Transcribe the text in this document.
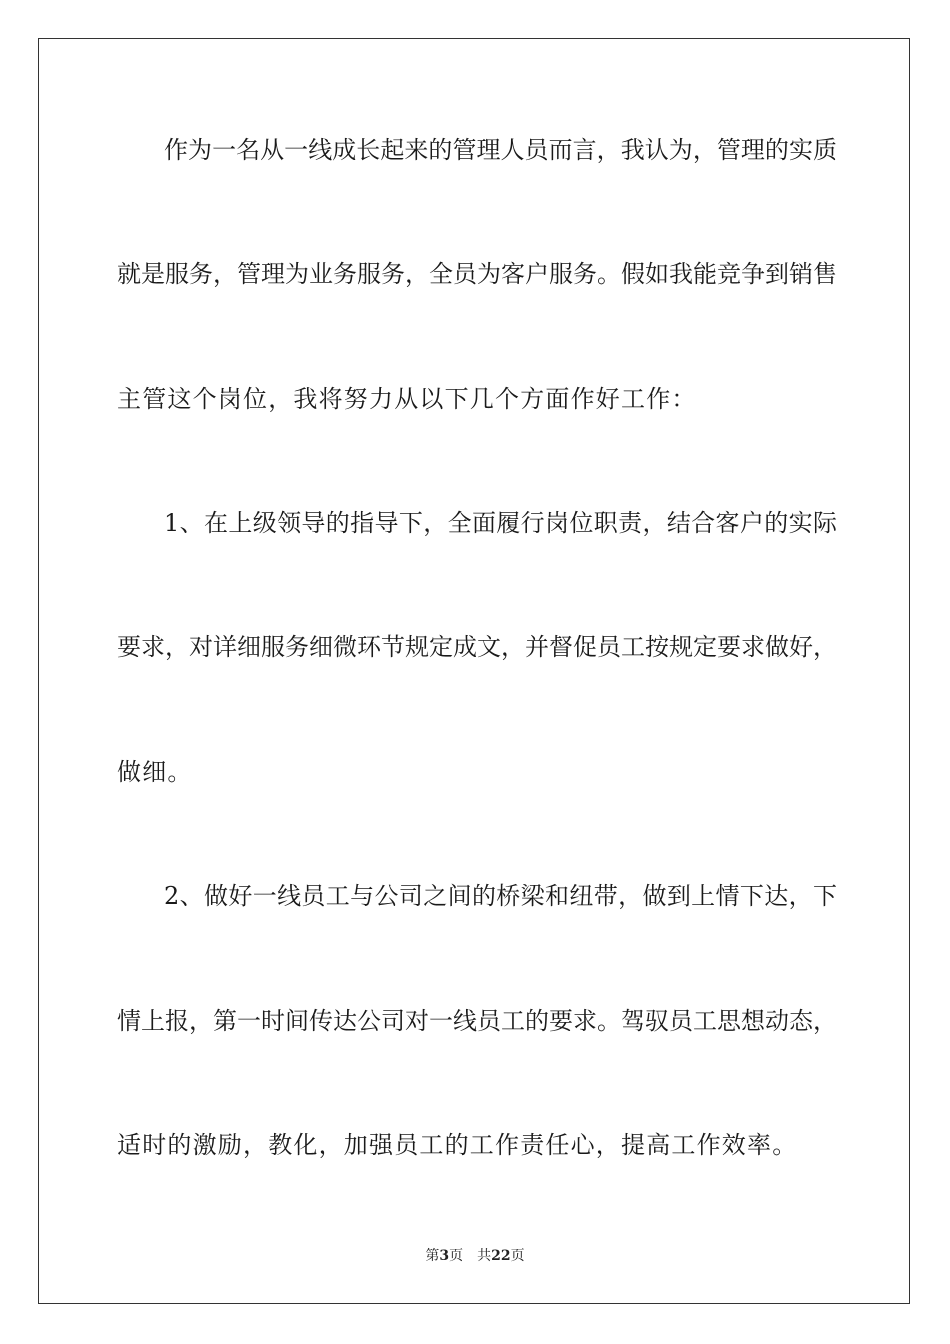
作为一名从一线成长起来的管理人员而言，我认为，管理的实质
就是服务，管理为业务服务，全员为客户服务。假如我能竞争到销售
主管这个岗位，我将努力从以下几个方面作好工作：
1、在上级领导的指导下，全面履行岗位职责，结合客户的实际
要求，对详细服务细微环节规定成文，并督促员工按规定要求做好，
做细。
2、做好一线员工与公司之间的桥梁和纽带，做到上情下达，下
情上报，第一时间传达公司对一线员工的要求。驾驭员工思想动态，
适时的激励，教化，加强员工的工作责任心，提高工作效率。
第3页 共22页
